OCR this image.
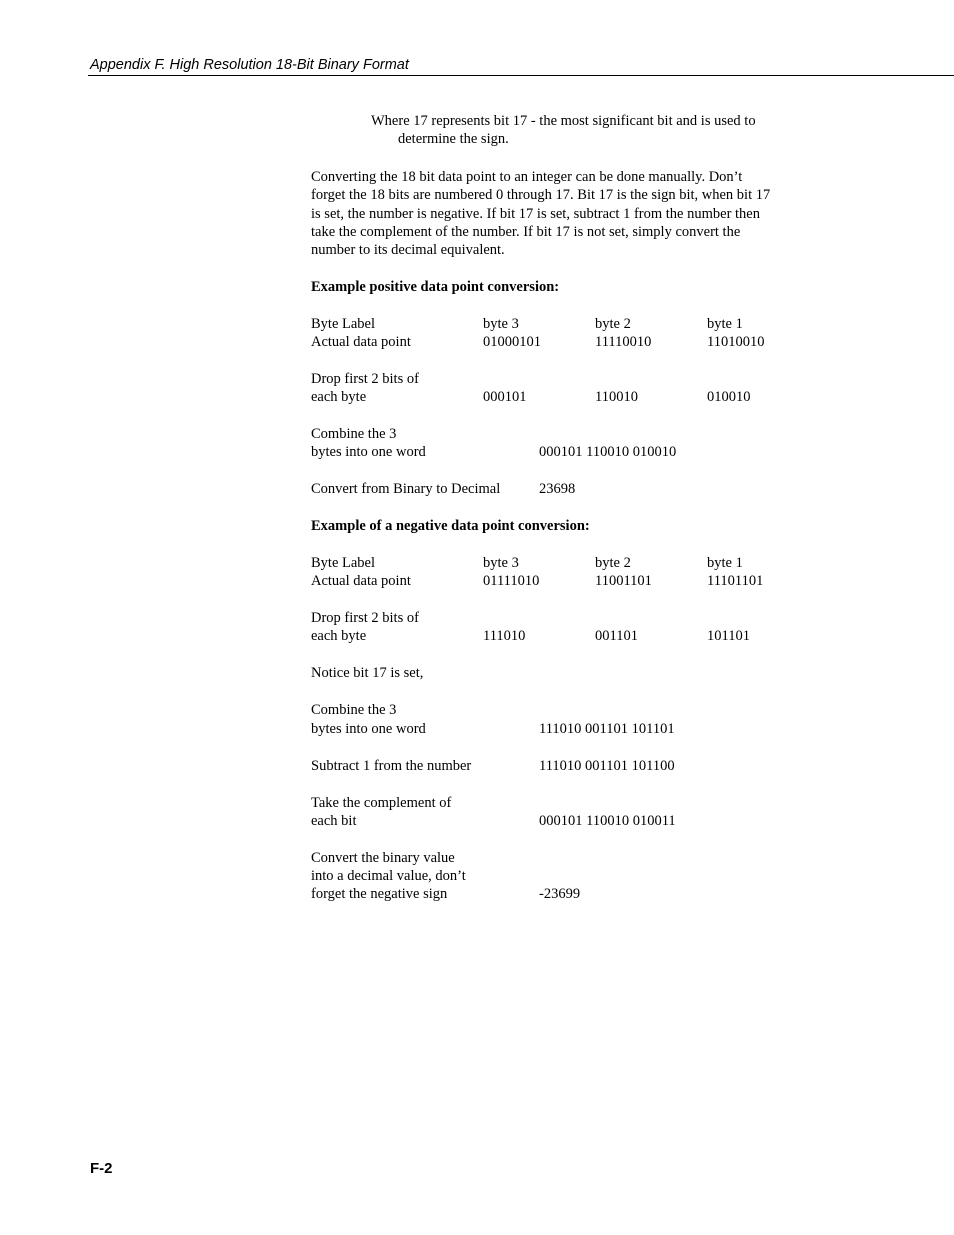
Appendix F. High Resolution 18-Bit Binary Format
Where 17 represents bit 17 - the most significant bit and is used to
determine the sign.
Converting the 18 bit data point to an integer can be done manually. Don’t
forget the 18 bits are numbered 0 through 17. Bit 17 is the sign bit, when bit 17
is set, the number is negative. If bit 17 is set, subtract 1 from the number then
take the complement of the number. If bit 17 is not set, simply convert the
number to its decimal equivalent.
Example positive data point conversion:
Byte Label	byte 3	byte 2	byte 1
Actual data point	01000101	11110010	11010010
Drop first 2 bits of
each byte	000101	110010	010010
Combine the 3
bytes into one word	000101 110010 010010
Convert from Binary to Decimal	23698
Example of a negative data point conversion:
Byte Label	byte 3	byte 2	byte 1
Actual data point	01111010	11001101	11101101
Drop first 2 bits of
each byte	111010	001101	101101
Notice bit 17 is set,
Combine the 3
bytes into one word	111010 001101 101101
Subtract 1 from the number	111010 001101 101100
Take the complement of
each bit	000101 110010 010011
Convert the binary value
into a decimal value, don’t
forget the negative sign	-23699
F-2
